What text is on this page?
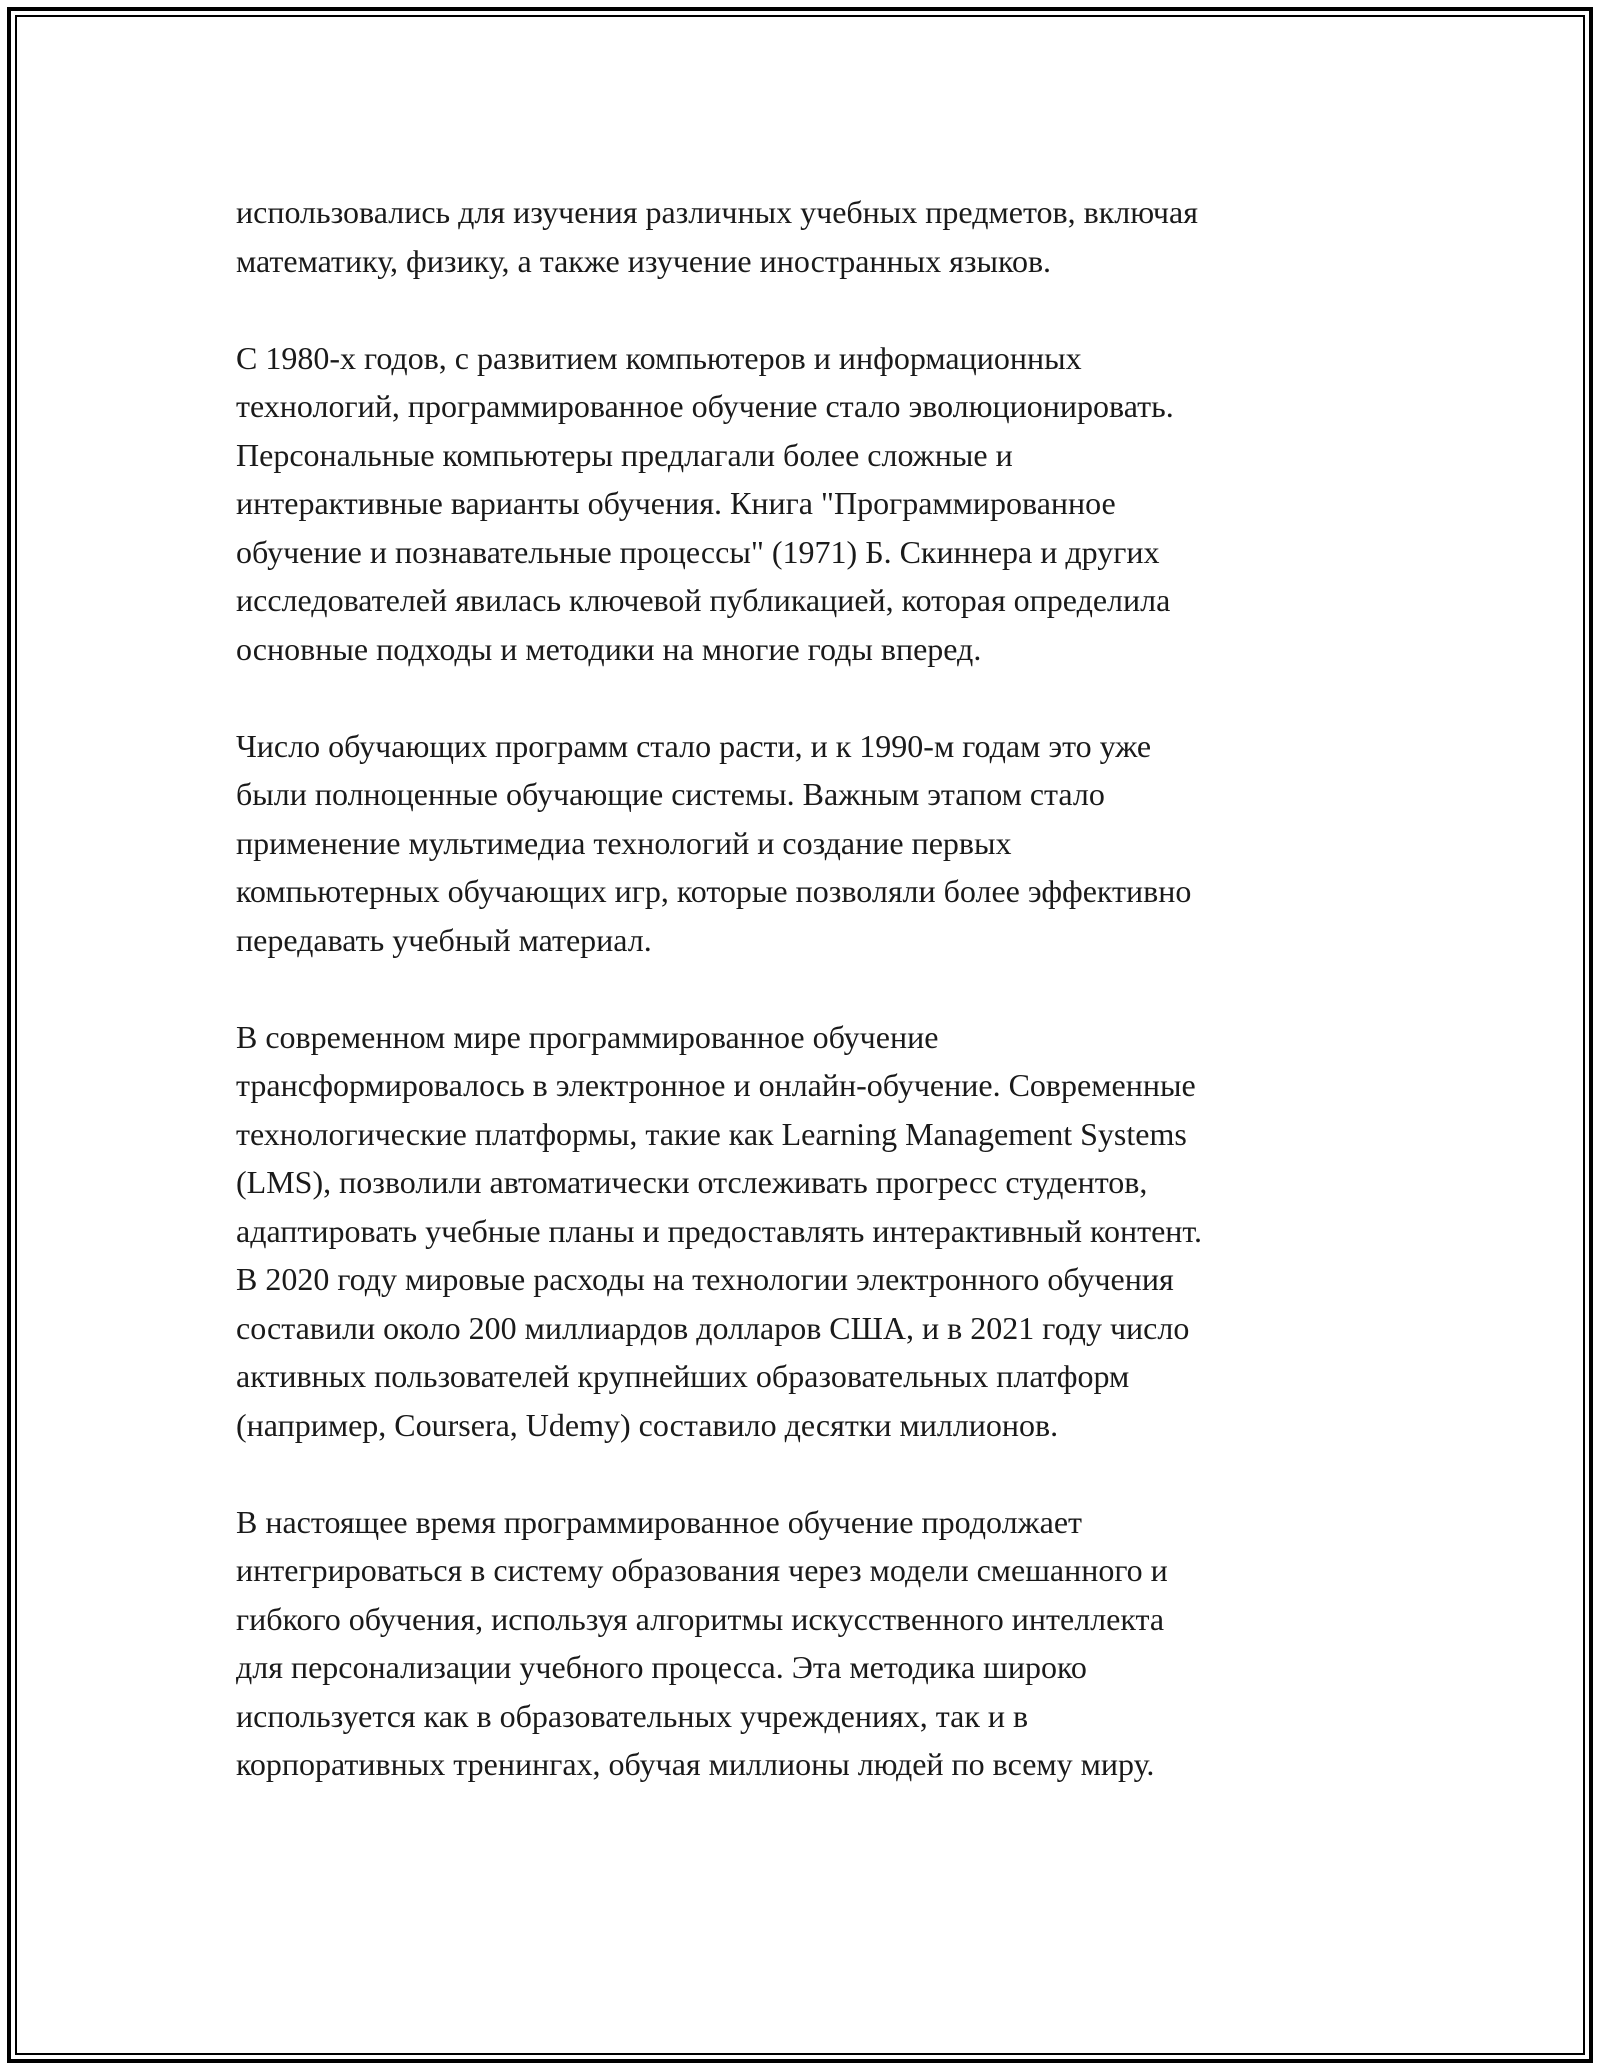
использовались для изучения различных учебных предметов, включая
математику, физику, а также изучение иностранных языков.

С 1980-х годов, с развитием компьютеров и информационных
технологий, программированное обучение стало эволюционировать.
Персональные компьютеры предлагали более сложные и
интерактивные варианты обучения. Книга "Программированное
обучение и познавательные процессы" (1971) Б. Скиннера и других
исследователей явилась ключевой публикацией, которая определила
основные подходы и методики на многие годы вперед.

Число обучающих программ стало расти, и к 1990-м годам это уже
были полноценные обучающие системы. Важным этапом стало
применение мультимедиа технологий и создание первых
компьютерных обучающих игр, которые позволяли более эффективно
передавать учебный материал.

В современном мире программированное обучение
трансформировалось в электронное и онлайн-обучение. Современные
технологические платформы, такие как Learning Management Systems
(LMS), позволили автоматически отслеживать прогресс студентов,
адаптировать учебные планы и предоставлять интерактивный контент.
В 2020 году мировые расходы на технологии электронного обучения
составили около 200 миллиардов долларов США, и в 2021 году число
активных пользователей крупнейших образовательных платформ
(например, Coursera, Udemy) составило десятки миллионов.

В настоящее время программированное обучение продолжает
интегрироваться в систему образования через модели смешанного и
гибкого обучения, используя алгоритмы искусственного интеллекта
для персонализации учебного процесса. Эта методика широко
используется как в образовательных учреждениях, так и в
корпоративных тренингах, обучая миллионы людей по всему миру.
